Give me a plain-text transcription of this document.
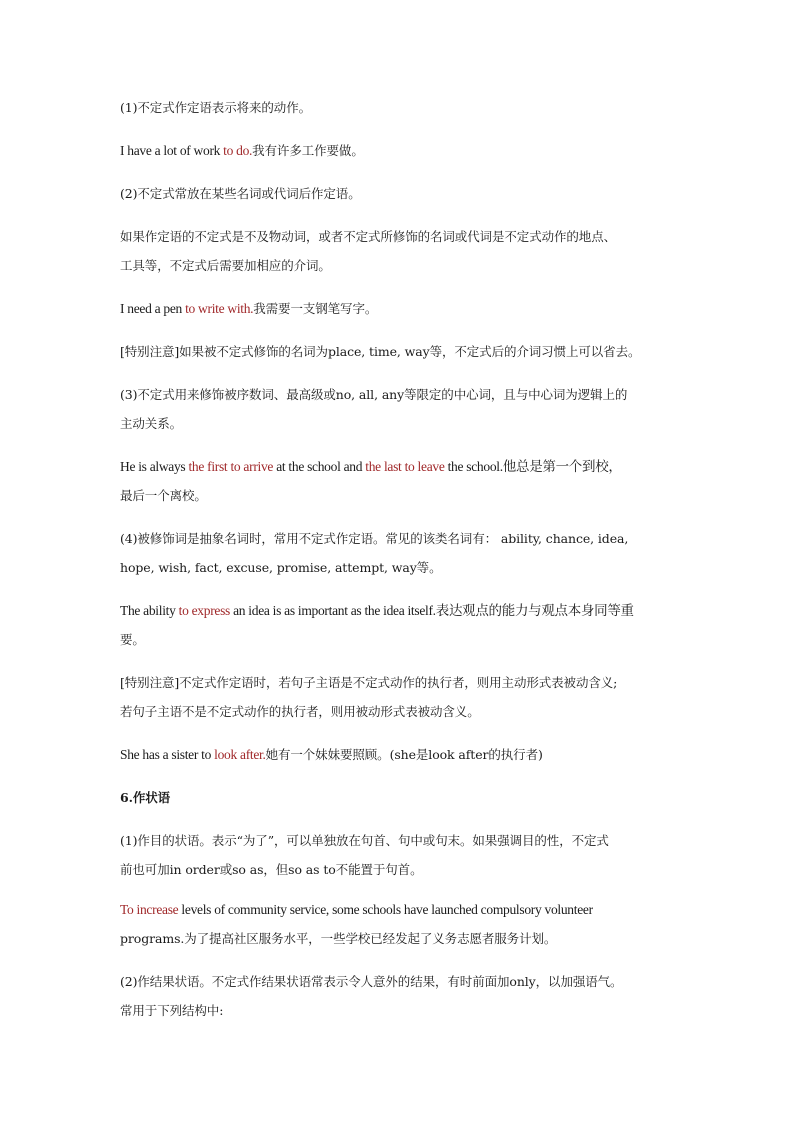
(1)不定式作定语表示将来的动作。
I have a lot of work to do.我有许多工作要做。
(2)不定式常放在某些名词或代词后作定语。
如果作定语的不定式是不及物动词，或者不定式所修饰的名词或代词是不定式动作的地点、
工具等，不定式后需要加相应的介词。
I need a pen to write with.我需要一支钢笔写字。
[特别注意]如果被不定式修饰的名词为place, time, way等，不定式后的介词习惯上可以省去。
(3)不定式用来修饰被序数词、最高级或no, all, any等限定的中心词，且与中心词为逻辑上的
主动关系。
He is always the first to arrive at the school and the last to leave the school.他总是第一个到校，
最后一个离校。
(4)被修饰词是抽象名词时，常用不定式作定语。常见的该类名词有： ability, chance, idea,
hope, wish, fact, excuse, promise, attempt, way等。
The ability to express an idea is as important as the idea itself.表达观点的能力与观点本身同等重
要。
[特别注意]不定式作定语时，若句子主语是不定式动作的执行者，则用主动形式表被动含义;
若句子主语不是不定式动作的执行者，则用被动形式表被动含义。
She has a sister to look after.她有一个妹妹要照顾。(she是look after的执行者)
6.作状语
(1)作目的状语。表示“为了”，可以单独放在句首、句中或句末。如果强调目的性，不定式
前也可加in order或so as，但so as to不能置于句首。
To increase levels of community service, some schools have launched compulsory volunteer
programs.为了提高社区服务水平，一些学校已经发起了义务志愿者服务计划。
(2)作结果状语。不定式作结果状语常表示令人意外的结果，有时前面加only，以加强语气。
常用于下列结构中:
